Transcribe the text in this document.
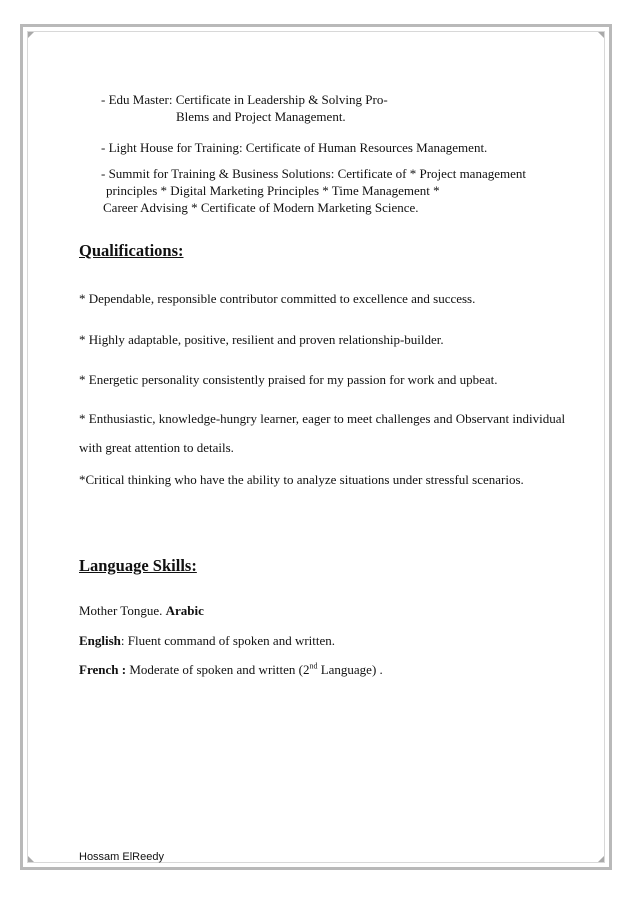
- Edu Master: Certificate in Leadership & Solving Pro-
Blems and Project Management.
- Light House for Training: Certificate of Human Resources Management.
- Summit for Training & Business Solutions: Certificate of * Project management
principles * Digital Marketing Principles * Time Management *
Career Advising * Certificate of Modern Marketing Science.
Qualifications:
* Dependable, responsible contributor committed to excellence and success.
* Highly adaptable, positive, resilient and proven relationship-builder.
* Energetic personality consistently praised for my passion for work and upbeat.
* Enthusiastic, knowledge-hungry learner, eager to meet challenges and Observant individual
with great attention to details.
*Critical thinking who have the ability to analyze situations under stressful scenarios.
Language Skills:
Mother Tongue. Arabic
English: Fluent command of spoken and written.
French : Moderate of spoken and written (2nd Language) .
Hossam ElReedy
